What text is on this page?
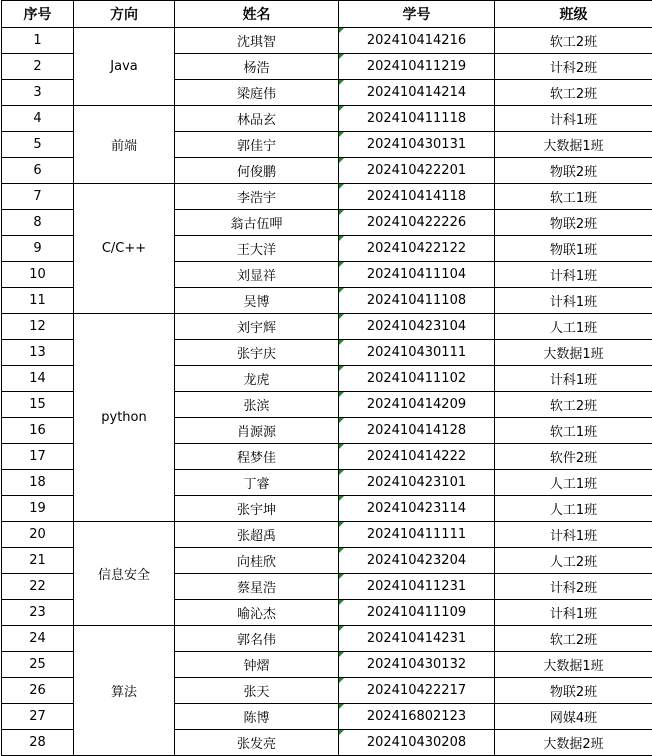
序号	方向	姓名	学号	班级
1	Java	沈琪智	202410414216	软工2班
2		杨浩	202410411219	计科2班
3		梁庭伟	202410414214	软工2班
4	前端	林品玄	202410411118	计科1班
5		郭佳宁	202410430131	大数据1班
6		何俊鹏	202410422201	物联2班
7	C/C++	李浩宇	202410414118	软工1班
8		翁古伍呷	202410422226	物联2班
9		王大洋	202410422122	物联1班
10		刘显祥	202410411104	计科1班
11		吴博	202410411108	计科1班
12	python	刘宇辉	202410423104	人工1班
13		张宇庆	202410430111	大数据1班
14		龙虎	202410411102	计科1班
15		张滨	202410414209	软工2班
16		肖源源	202410414128	软工1班
17		程梦佳	202410414222	软件2班
18		丁睿	202410423101	人工1班
19		张宇坤	202410423114	人工1班
20	信息安全	张超禹	202410411111	计科1班
21		向桂欣	202410423204	人工2班
22		蔡星浩	202410411231	计科2班
23		喻沁杰	202410411109	计科1班
24	算法	郭名伟	202410414231	软工2班
25		钟熠	202410430132	大数据1班
26		张天	202410422217	物联2班
27		陈博	202416802123	网媒4班
28		张发亮	202410430208	大数据2班
